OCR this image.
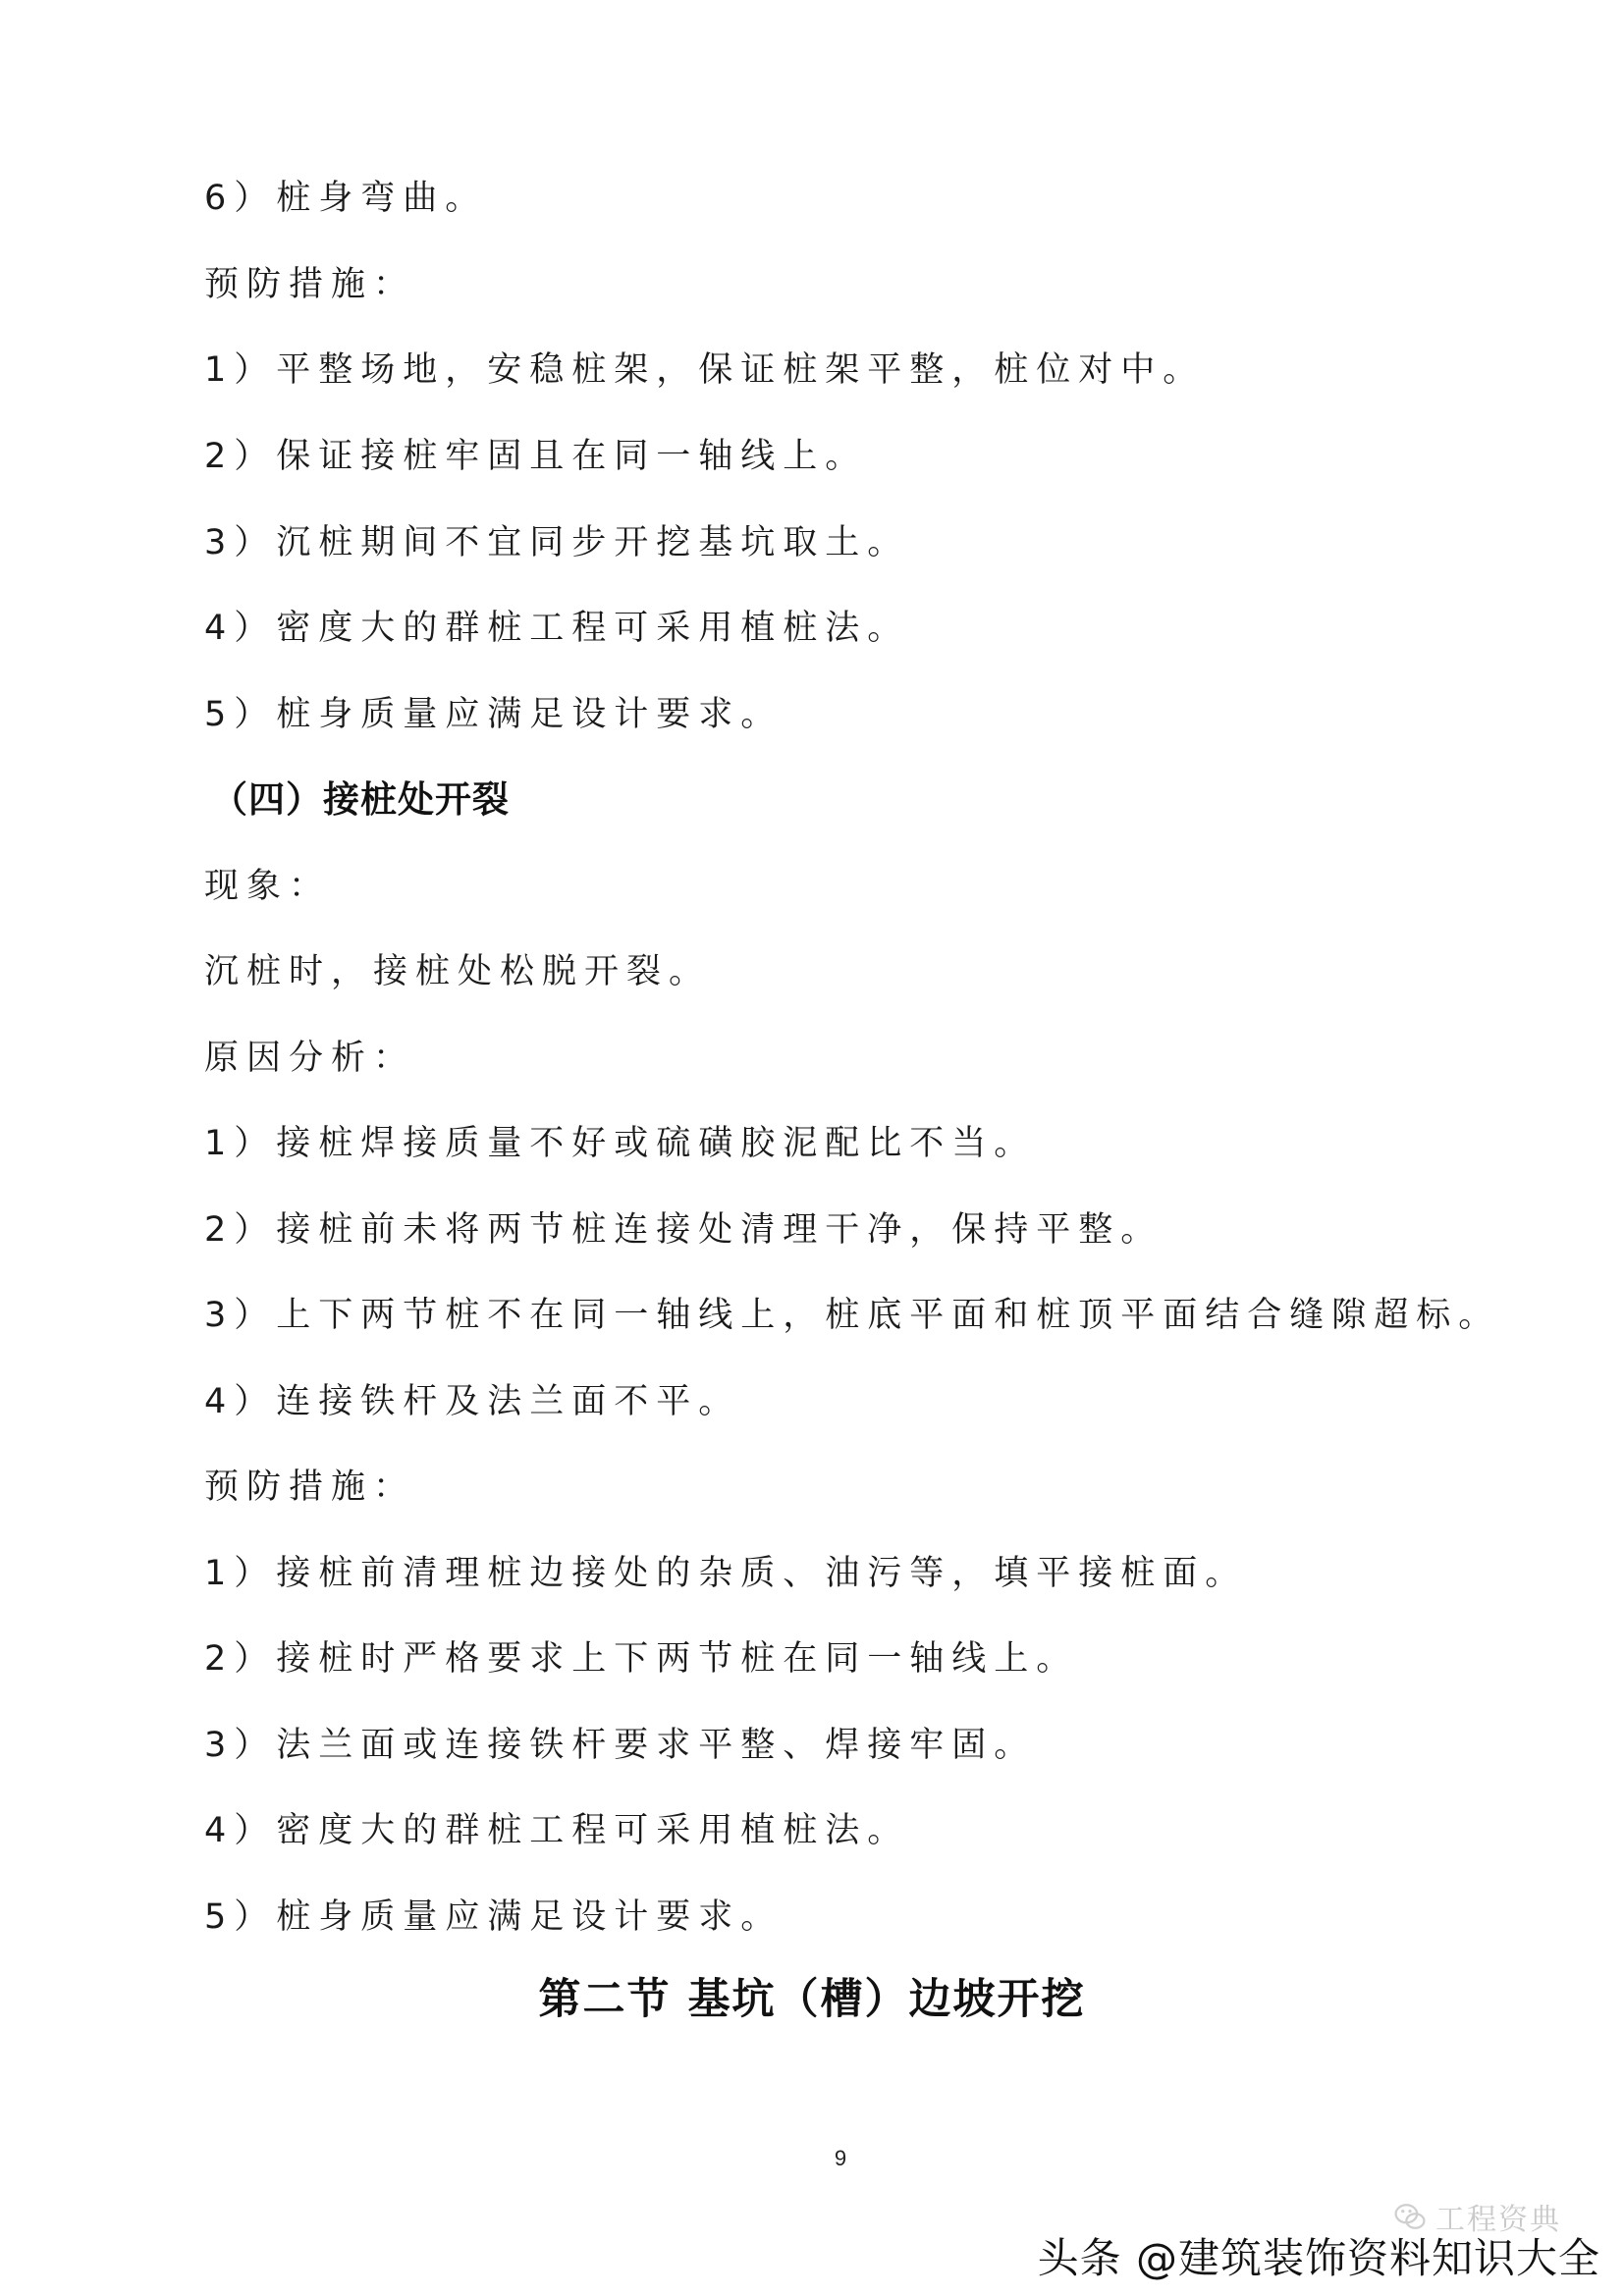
6）桩身弯曲。
预防措施：
1）平整场地，安稳桩架，保证桩架平整，桩位对中。
2）保证接桩牢固且在同一轴线上。
3）沉桩期间不宜同步开挖基坑取土。
4）密度大的群桩工程可采用植桩法。
5）桩身质量应满足设计要求。
（四）接桩处开裂
现象：
沉桩时，接桩处松脱开裂。
原因分析：
1）接桩焊接质量不好或硫磺胶泥配比不当。
2）接桩前未将两节桩连接处清理干净，保持平整。
3）上下两节桩不在同一轴线上，桩底平面和桩顶平面结合缝隙超标。
4）连接铁杆及法兰面不平。
预防措施：
1）接桩前清理桩边接处的杂质、油污等，填平接桩面。
2）接桩时严格要求上下两节桩在同一轴线上。
3）法兰面或连接铁杆要求平整、焊接牢固。
4）密度大的群桩工程可采用植桩法。
5）桩身质量应满足设计要求。
第二节 基坑（槽）边坡开挖
9
工程资典
头条 @建筑装饰资料知识大全
